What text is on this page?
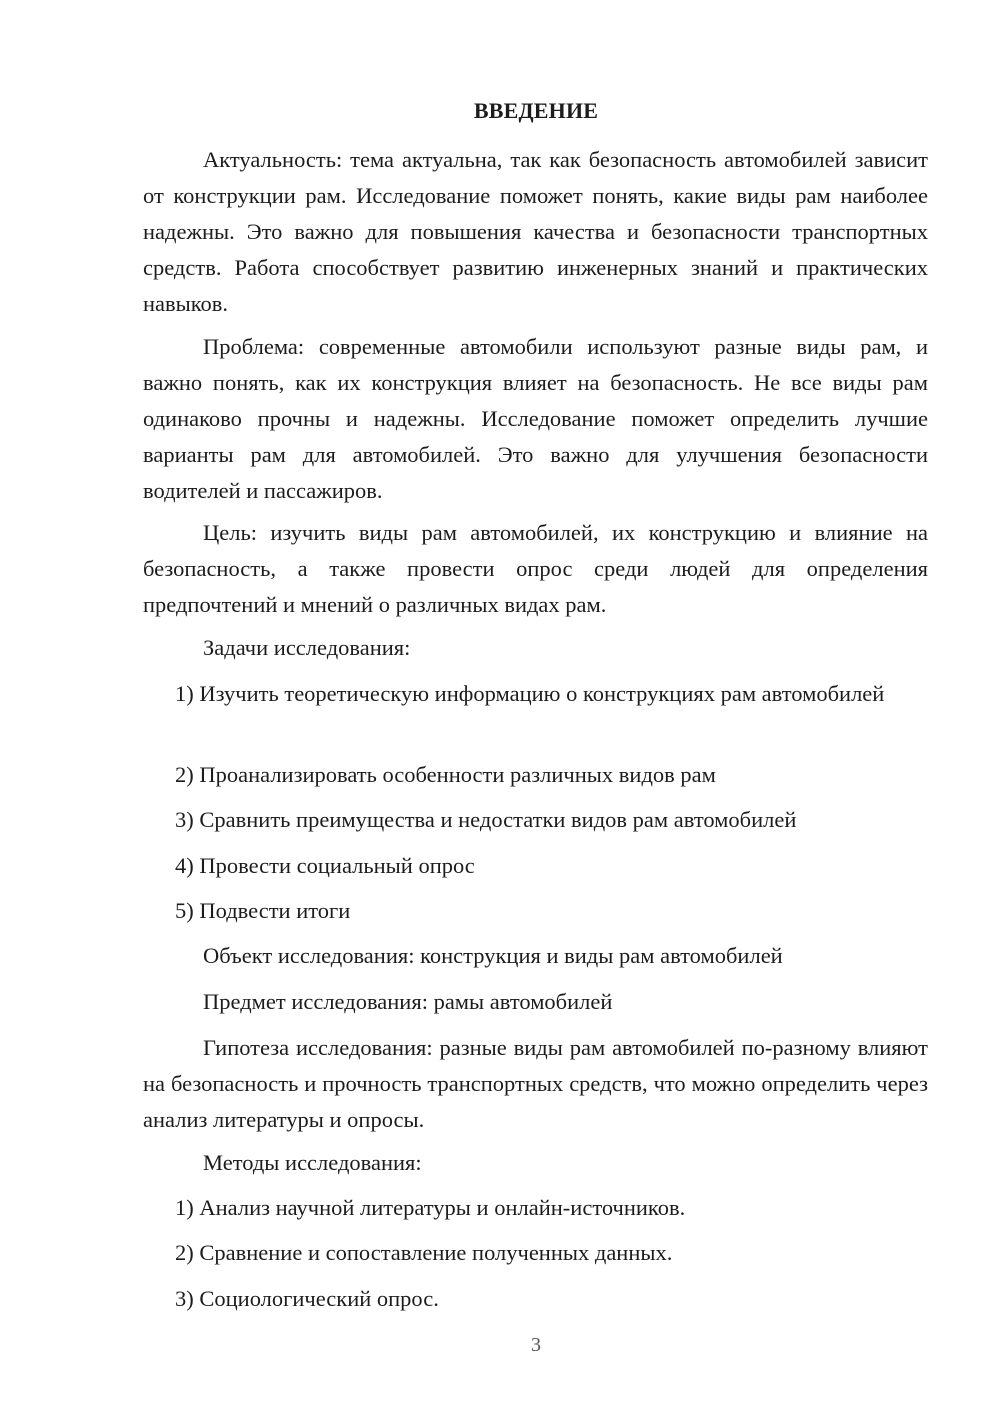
ВВЕДЕНИЕ

Актуальность: тема актуальна, так как безопасность автомобилей зависит от конструкции рам. Исследование поможет понять, какие виды рам наиболее надежны. Это важно для повышения качества и безопасности транспортных средств. Работа способствует развитию инженерных знаний и практических навыков.

Проблема: современные автомобили используют разные виды рам, и важно понять, как их конструкция влияет на безопасность. Не все виды рам одинаково прочны и надежны. Исследование поможет определить лучшие варианты рам для автомобилей. Это важно для улучшения безопасности водителей и пассажиров.

Цель: изучить виды рам автомобилей, их конструкцию и влияние на безопасность, а также провести опрос среди людей для определения предпочтений и мнений о различных видах рам.

Задачи исследования:

1) Изучить теоретическую информацию о конструкциях рам автомобилей

2) Проанализировать особенности различных видов рам

3) Сравнить преимущества и недостатки видов рам автомобилей

4) Провести социальный опрос

5) Подвести итоги

Объект исследования: конструкция и виды рам автомобилей

Предмет исследования: рамы автомобилей

Гипотеза исследования: разные виды рам автомобилей по-разному влияют на безопасность и прочность транспортных средств, что можно определить через анализ литературы и опросы.

Методы исследования:

1) Анализ научной литературы и онлайн-источников.

2) Сравнение и сопоставление полученных данных.

3) Социологический опрос.

3
